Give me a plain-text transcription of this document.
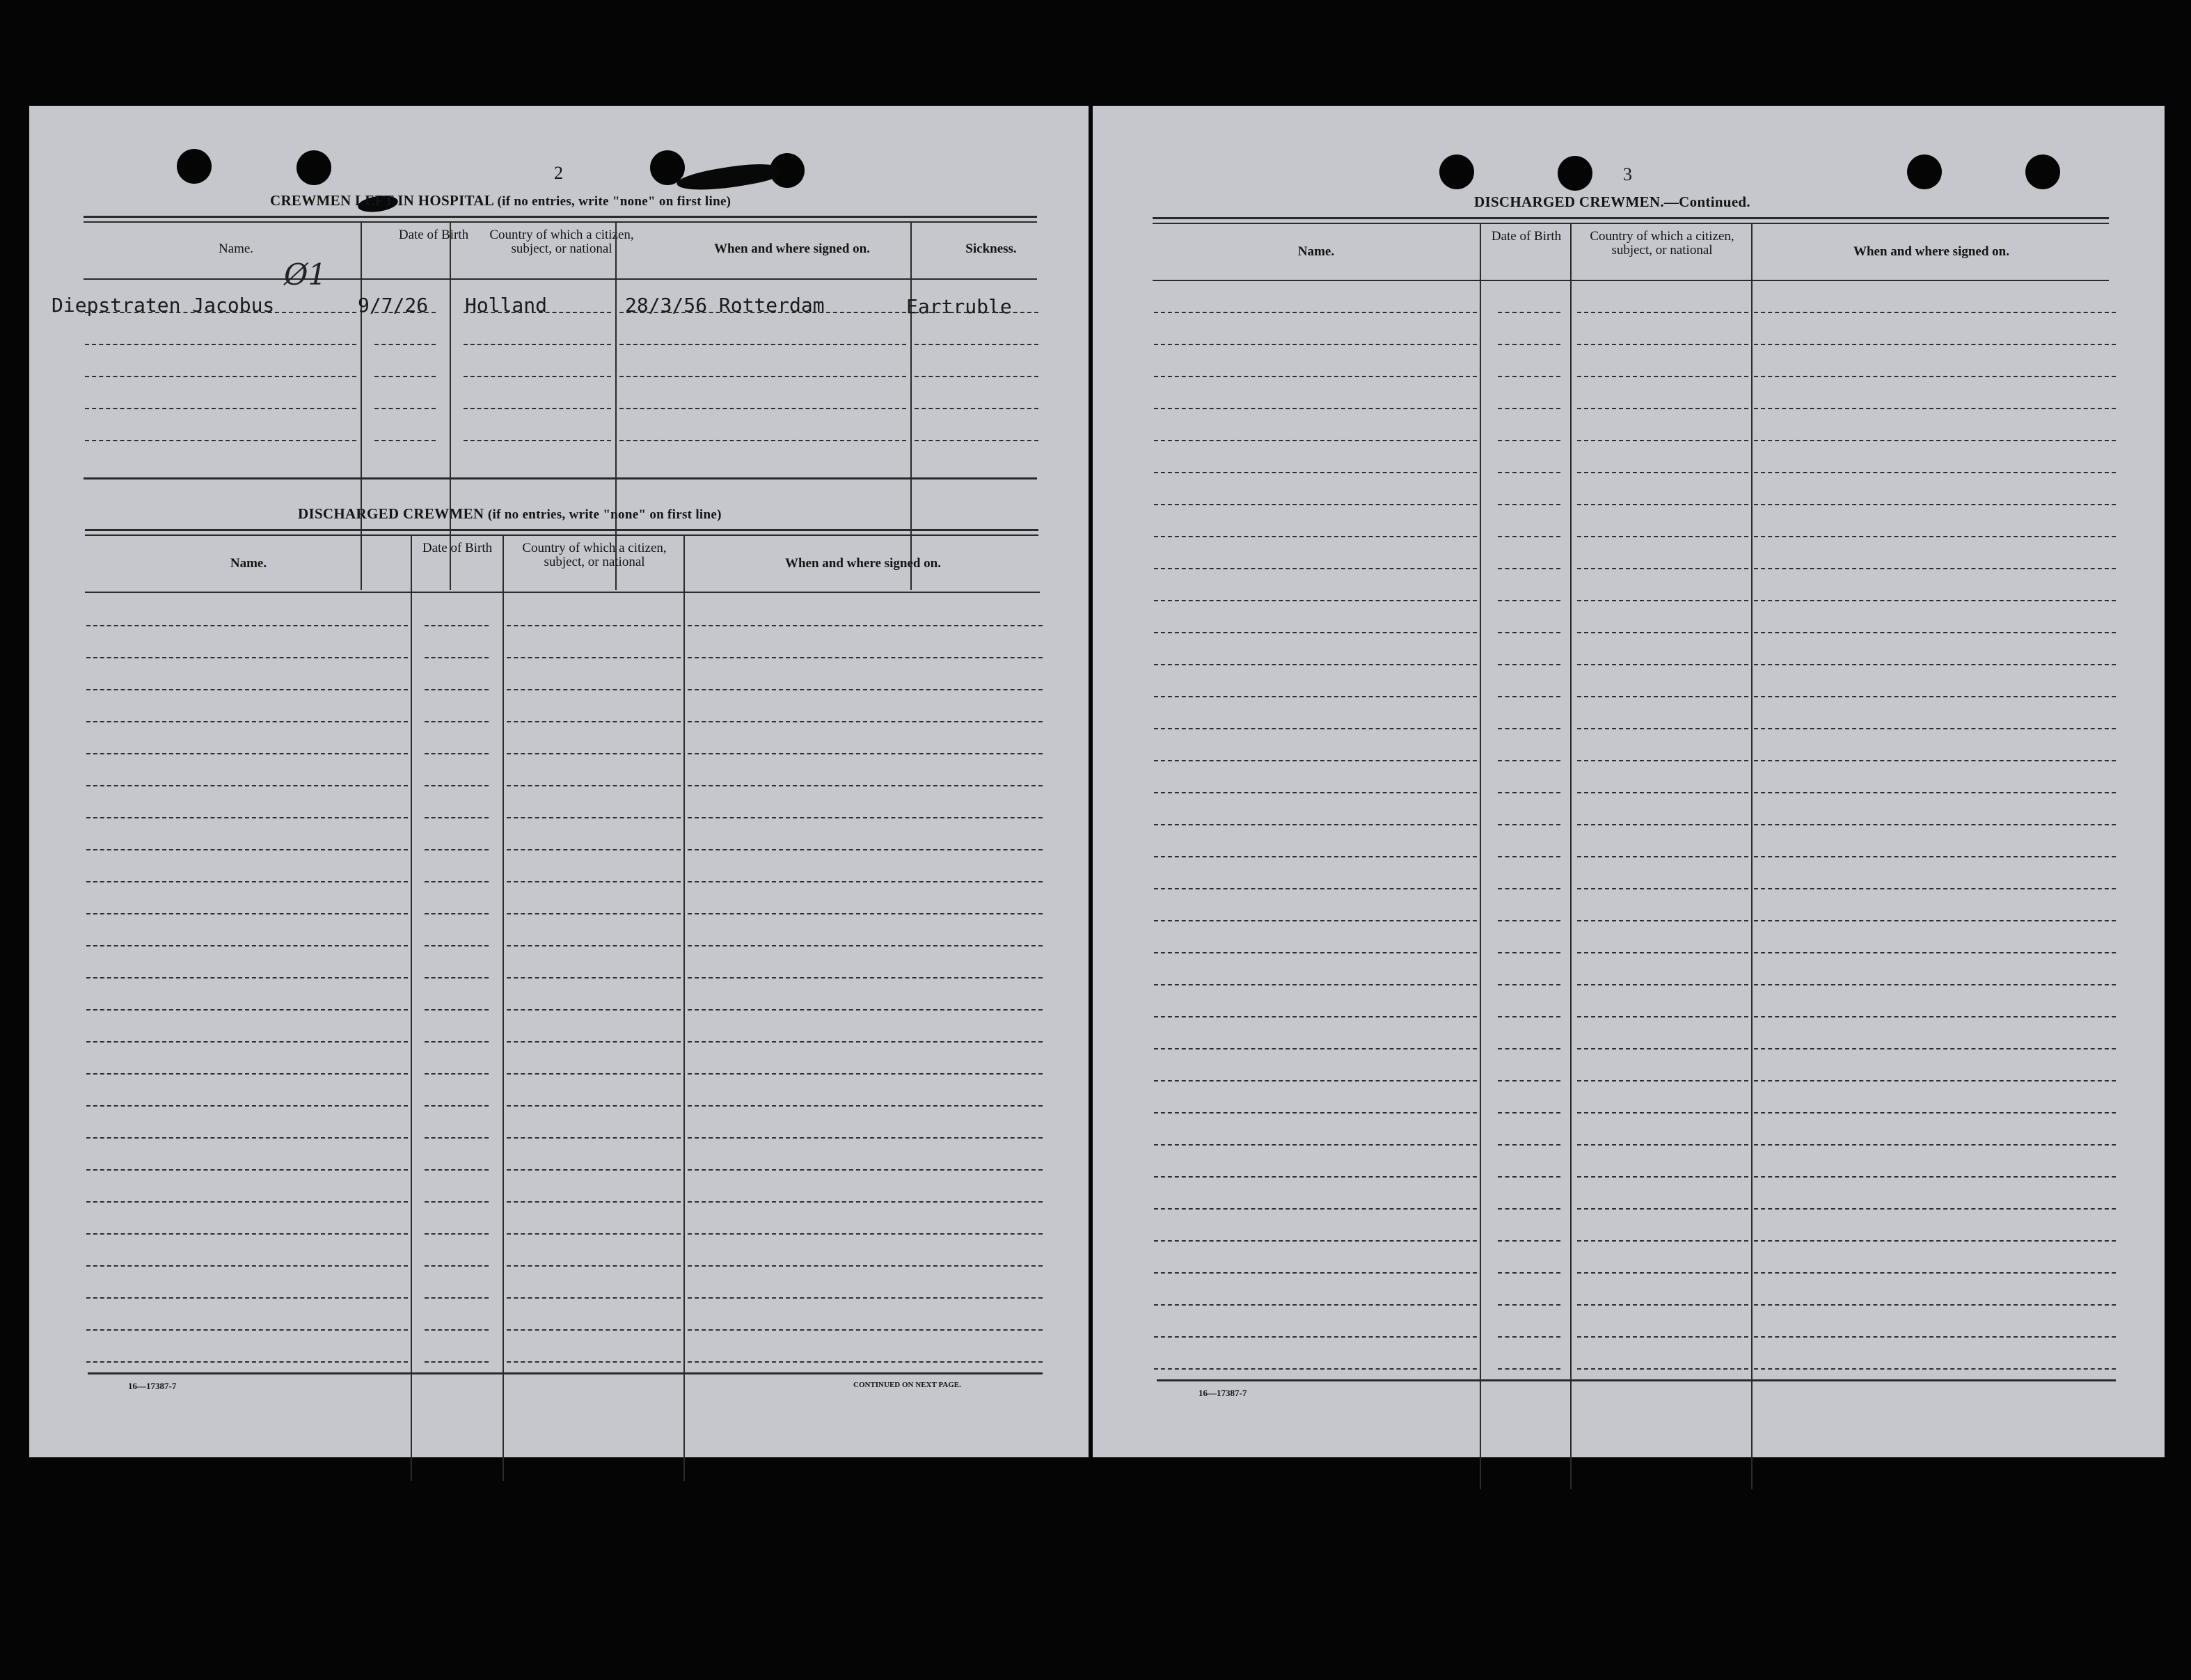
2
CREWMEN LEFT IN HOSPITAL (if no entries, write "none" on first line)
Name.
Date of Birth	Country of which a citizen, subject, or national	When and where signed on.	Sickness.
Diepstraten Jacobus	9/7/26 Holland	28/3/56 Rotterdam	Eartruble
Ø1
DISCHARGED CREWMEN (if no entries, write "none" on first line)
Name.
Date of Birth	Country of which a citizen, subject, or national	When and where signed on.
16—17387-7	CONTINUED ON NEXT PAGE.
3
DISCHARGED CREWMEN.—Continued.
Name.
Date of Birth	Country of which a citizen, subject, or national	When and where signed on.
16—17387-7
